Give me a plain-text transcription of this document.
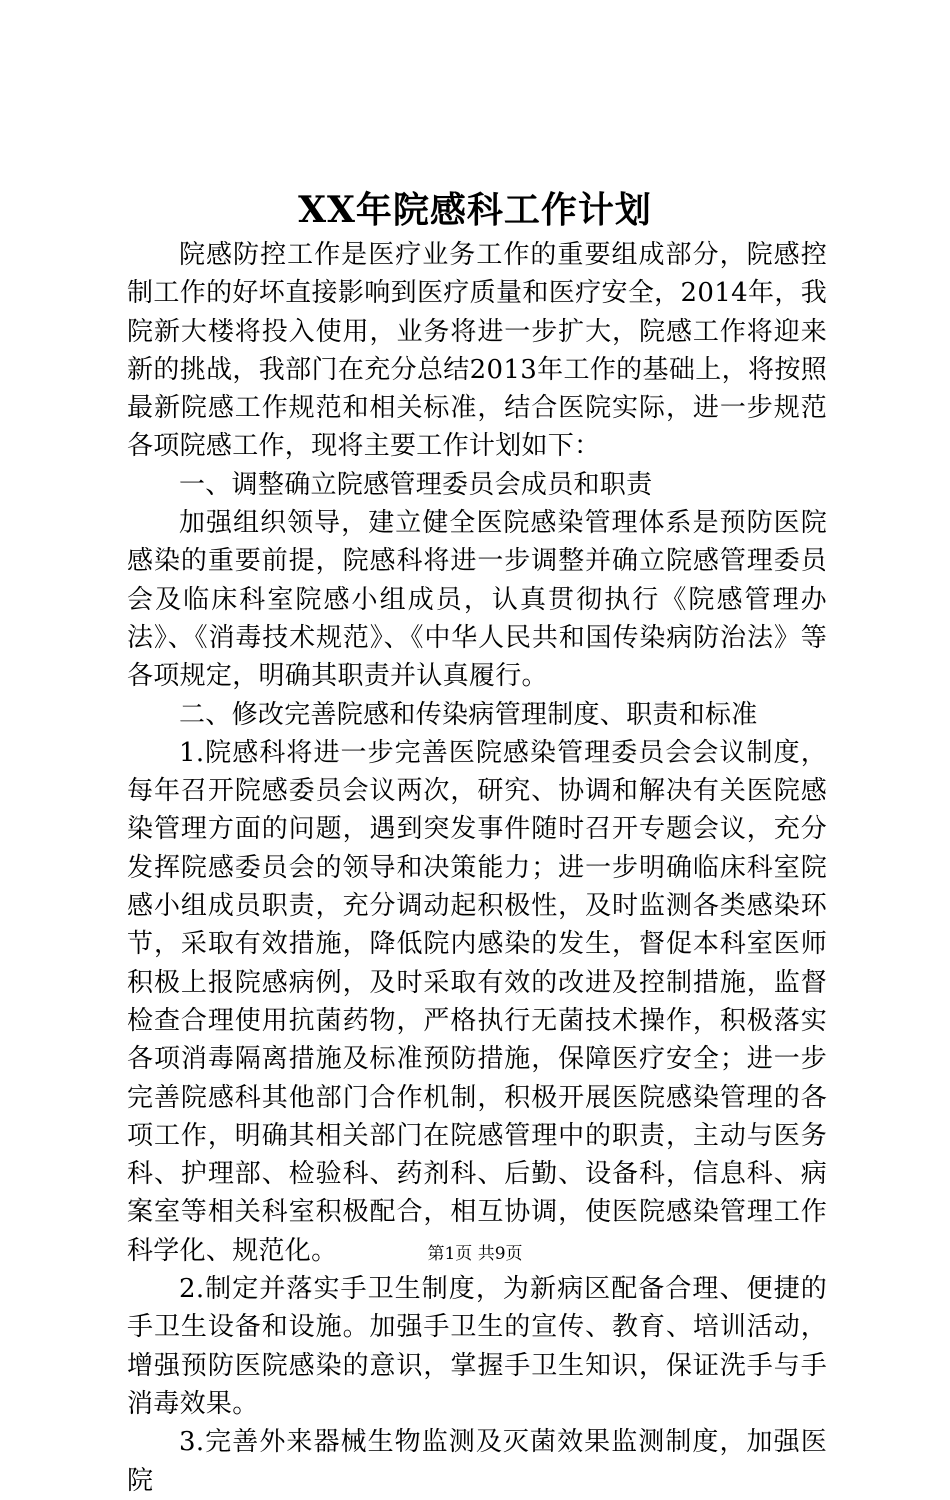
XX年院感科工作计划

院感防控工作是医疗业务工作的重要组成部分，院感控制工作的好坏直接影响到医疗质量和医疗安全，2014年，我院新大楼将投入使用，业务将进一步扩大，院感工作将迎来新的挑战，我部门在充分总结2013年工作的基础上，将按照最新院感工作规范和相关标准，结合医院实际，进一步规范各项院感工作，现将主要工作计划如下：

一、调整确立院感管理委员会成员和职责

加强组织领导，建立健全医院感染管理体系是预防医院感染的重要前提，院感科将进一步调整并确立院感管理委员会及临床科室院感小组成员，认真贯彻执行《院感管理办法》、《消毒技术规范》、《中华人民共和国传染病防治法》等各项规定，明确其职责并认真履行。

二、修改完善院感和传染病管理制度、职责和标准

1.院感科将进一步完善医院感染管理委员会会议制度，每年召开院感委员会议两次，研究、协调和解决有关医院感染管理方面的问题，遇到突发事件随时召开专题会议，充分发挥院感委员会的领导和决策能力；进一步明确临床科室院感小组成员职责，充分调动起积极性，及时监测各类感染环节，采取有效措施，降低院内感染的发生，督促本科室医师积极上报院感病例，及时采取有效的改进及控制措施，监督检查合理使用抗菌药物，严格执行无菌技术操作，积极落实各项消毒隔离措施及标准预防措施，保障医疗安全；进一步完善院感科其他部门合作机制，积极开展医院感染管理的各项工作，明确其相关部门在院感管理中的职责，主动与医务科、护理部、检验科、药剂科、后勤、设备科，信息科、病案室等相关科室积极配合，相互协调，使医院感染管理工作科学化、规范化。

2.制定并落实手卫生制度，为新病区配备合理、便捷的手卫生设备和设施。加强手卫生的宣传、教育、培训活动，增强预防医院感染的意识，掌握手卫生知识，保证洗手与手消毒效果。

3.完善外来器械生物监测及灭菌效果监测制度，加强医院

第1页 共9页
